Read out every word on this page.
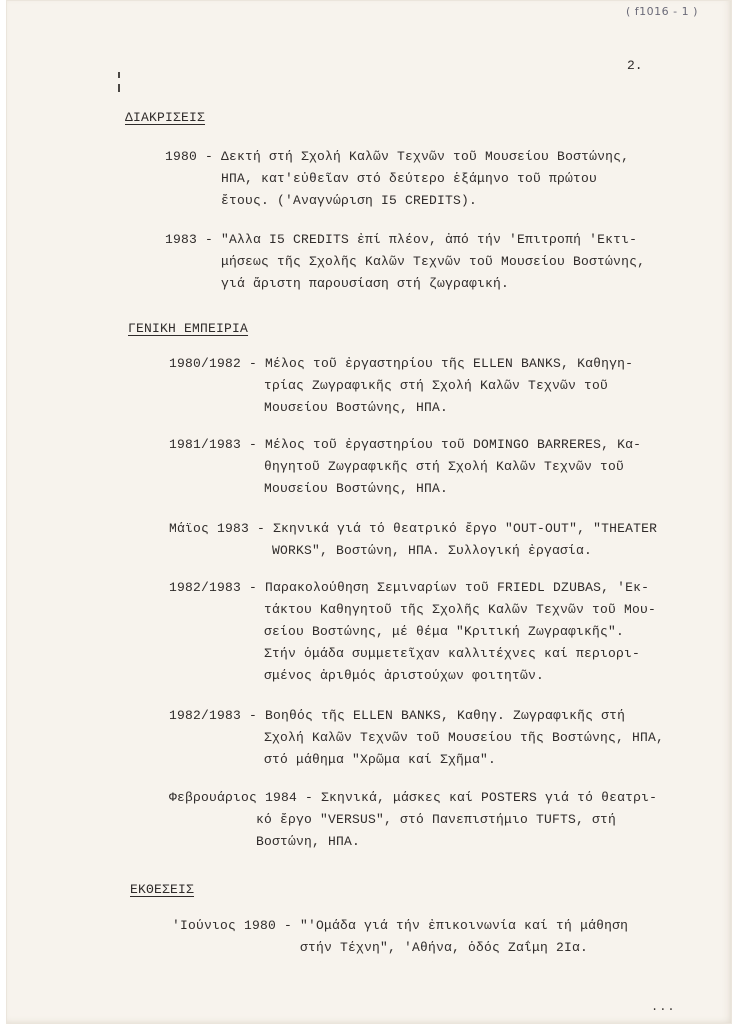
( f1016 - 1 )
2.
ΔΙΑΚΡΙΣΕΙΣ
1980 - Δεκτή στή Σχολή Καλῶν Τεχνῶν τοῦ Μουσείου Βοστώνης,
ΗΠΑ, κατ'εὐθεῖαν στό δεύτερο ἑξάμηνο τοῦ πρώτου
ἔτους. ('Αναγνώριση Ι5 CREDITS).
1983 - "Αλλα Ι5 CREDITS ἐπί πλέον, ἀπό τήν 'Επιτροπή 'Εκτι-
μήσεως τῆς Σχολῆς Καλῶν Τεχνῶν τοῦ Μουσείου Βοστώνης,
γιά ἄριστη παρουσίαση στή ζωγραφική.
ΓΕΝΙΚΗ ΕΜΠΕΙΡΙΑ
1980/1982 - Μέλος τοῦ ἐργαστηρίου τῆς ELLEN BANKS, Καθηγη-
τρίας Ζωγραφικῆς στή Σχολή Καλῶν Τεχνῶν τοῦ
Μουσείου Βοστώνης, ΗΠΑ.
1981/1983 - Μέλος τοῦ ἐργαστηρίου τοῦ DOMINGO BARRERES, Κα-
θηγητοῦ Ζωγραφικῆς στή Σχολή Καλῶν Τεχνῶν τοῦ
Μουσείου Βοστώνης, ΗΠΑ.
Μάϊος 1983 - Σκηνικά γιά τό θεατρικό ἔργο "OUT-OUT", "THEATER
WORKS", Βοστώνη, ΗΠΑ. Συλλογική ἐργασία.
1982/1983 - Παρακολούθηση Σεμιναρίων τοῦ FRIEDL DZUBAS, 'Εκ-
τάκτου Καθηγητοῦ τῆς Σχολῆς Καλῶν Τεχνῶν τοῦ Μου-
σείου Βοστώνης, μέ θέμα "Κριτική Ζωγραφικῆς".
Στήν ὁμάδα συμμετεῖχαν καλλιτέχνες καί περιορι-
σμένος ἀριθμός ἀριστούχων φοιτητῶν.
1982/1983 - Βοηθός τῆς ELLEN BANKS, Καθηγ. Ζωγραφικῆς στή
Σχολή Καλῶν Τεχνῶν τοῦ Μουσείου τῆς Βοστώνης, ΗΠΑ,
στό μάθημα "Χρῶμα καί Σχῆμα".
Φεβρουάριος 1984 - Σκηνικά, μάσκες καί POSTERS γιά τό θεατρι-
κό ἔργο "VERSUS", στό Πανεπιστήμιο TUFTS, στή
Βοστώνη, ΗΠΑ.
ΕΚΘΕΣΕΙΣ
'Ιούνιος 1980 - "'Ομάδα γιά τήν ἐπικοινωνία καί τή μάθηση
στήν Τέχνη", 'Αθήνα, ὁδός Ζαΐμη 2Ια.
...
